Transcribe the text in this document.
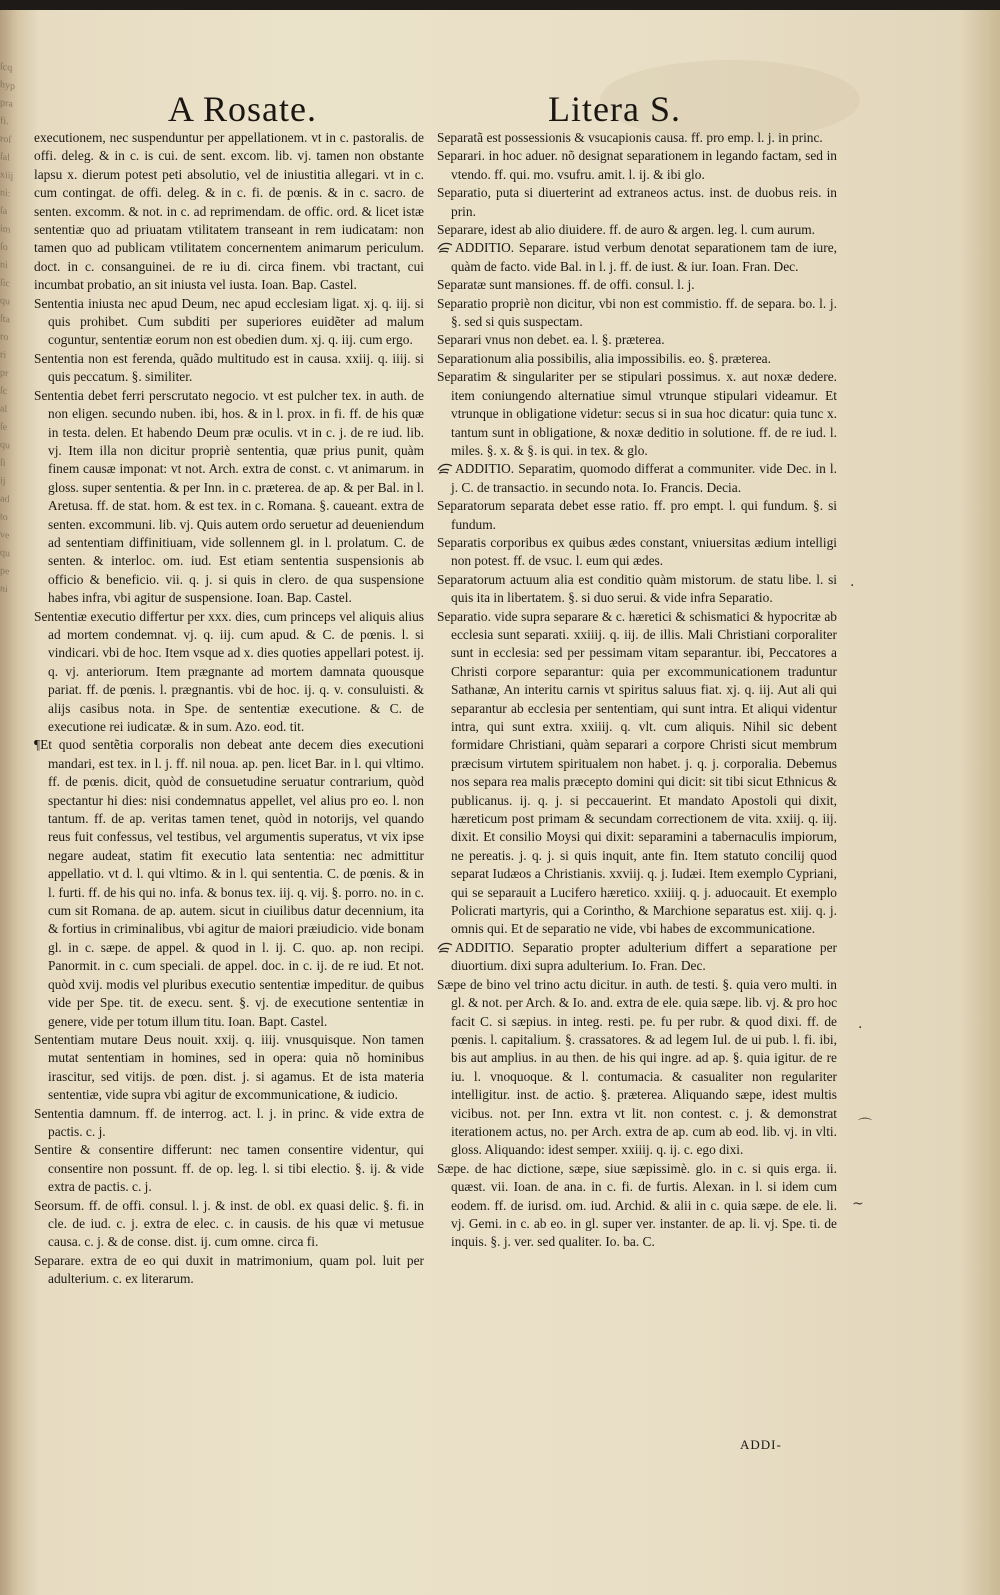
ſcq
hyp
pra
fi.
roſ
ſal
xiij
ni:
ſa
im
ſo
ni
ſic
qu
ſta
ro
ri
pr
ſc
al
ſe
qu
ſi
ij
ad
to
ve
qu
pe
ni
A Rosate.	Litera S.

executionem, nec suspenduntur per appellationem. vt in c. pastoralis. de offi. deleg. & in c. is cui. de sent. excom. lib. vj. tamen non obstante lapsu x. dierum potest peti absolutio, vel de iniustitia allegari. vt in c. cum contingat. de offi. deleg. & in c. fi. de pœnis. & in c. sacro. de senten. excomm. & not. in c. ad reprimendam. de offic. ord. & licet istæ sententiæ quo ad priuatam vtilitatem transeant in rem iudicatam: non tamen quo ad publicam vtilitatem concernentem animarum periculum. doct. in c. consanguinei. de re iu di. circa finem. vbi tractant, cui incumbat probatio, an sit iniusta vel iusta. Ioan. Bap. Castel.

Sententia iniusta nec apud Deum, nec apud ecclesiam ligat. xj. q. iij. si quis prohibet. Cum subditi per superiores euidẽter ad malum coguntur, sententiæ eorum non est obedien dum. xj. q. iij. cum ergo.

Sententia non est ferenda, quãdo multitudo est in causa. xxiij. q. iiij. si quis peccatum. §. similiter.

Sententia debet ferri perscrutato negocio. vt est pulcher tex. in auth. de non eligen. secundo nuben. ibi, hos. & in l. prox. in fi. ff. de his quæ in testa. delen. Et habendo Deum præ oculis. vt in c. j. de re iud. lib. vj. Item illa non dicitur propriè sententia, quæ prius punit, quàm finem causæ imponat: vt not. Arch. extra de const. c. vt animarum. in gloss. super sententia. & per Inn. in c. præterea. de ap. & per Bal. in l. Aretusa. ff. de stat. hom. & est tex. in c. Romana. §. caueant. extra de senten. excommuni. lib. vj. Quis autem ordo seruetur ad deueniendum ad sententiam diffinitiuam, vide sollennem gl. in l. prolatum. C. de senten. & interloc. om. iud. Est etiam sententia suspensionis ab officio & beneficio. vii. q. j. si quis in clero. de qua suspensione habes infra, vbi agitur de suspensione. Ioan. Bap. Castel.

Sententiæ executio differtur per xxx. dies, cum princeps vel aliquis alius ad mortem condemnat. vj. q. iij. cum apud. & C. de pœnis. l. si vindicari. vbi de hoc. Item vsque ad x. dies quoties appellari potest. ij. q. vj. anteriorum. Item prægnante ad mortem damnata quousque pariat. ff. de pœnis. l. prægnantis. vbi de hoc. ij. q. v. consuluisti. & alijs casibus nota. in Spe. de sententiæ executione. & C. de executione rei iudicatæ. & in sum. Azo. eod. tit.

¶Et quod sentẽtia corporalis non debeat ante decem dies executioni mandari, est tex. in l. j. ff. nil noua. ap. pen. licet Bar. in l. qui vltimo. ff. de pœnis. dicit, quòd de consuetudine seruatur contrarium, quòd spectantur hi dies: nisi condemnatus appellet, vel alius pro eo. l. non tantum. ff. de ap. veritas tamen tenet, quòd in notorijs, vel quando reus fuit confessus, vel testibus, vel argumentis superatus, vt vix ipse negare audeat, statim fit executio lata sententia: nec admittitur appellatio. vt d. l. qui vltimo. & in l. qui sententia. C. de pœnis. & in l. furti. ff. de his qui no. infa. & bonus tex. iij. q. vij. §. porro. no. in c. cum sit Romana. de ap. autem. sicut in ciuilibus datur decennium, ita & fortius in criminalibus, vbi agitur de maiori præiudicio. vide bonam gl. in c. sæpe. de appel. & quod in l. ij. C. quo. ap. non recipi. Panormit. in c. cum speciali. de appel. doc. in c. ij. de re iud. Et not. quòd xvij. modis vel pluribus executio sententiæ impeditur. de quibus vide per Spe. tit. de execu. sent. §. vj. de executione sententiæ in genere, vide per totum illum titu. Ioan. Bapt. Castel.

Sententiam mutare Deus nouit. xxij. q. iiij. vnusquisque. Non tamen mutat sententiam in homines, sed in opera: quia nõ hominibus irascitur, sed vitijs. de pœn. dist. j. si agamus. Et de ista materia sententiæ, vide supra vbi agitur de excommunicatione, & iudicio.

Sententia damnum. ff. de interrog. act. l. j. in princ. & vide extra de pactis. c. j.

Sentire & consentire differunt: nec tamen consentire videntur, qui consentire non possunt. ff. de op. leg. l. si tibi electio. §. ij. & vide extra de pactis. c. j.

Seorsum. ff. de offi. consul. l. j. & inst. de obl. ex quasi delic. §. fi. in cle. de iud. c. j. extra de elec. c. in causis. de his quæ vi metusue causa. c. j. & de conse. dist. ij. cum omne. circa fi.

Separare. extra de eo qui duxit in matrimonium, quam pol. luit per adulterium. c. ex literarum.

Separatã est possessionis & vsucapionis causa. ff. pro emp. l. j. in princ.

Separari. in hoc aduer. nõ designat separationem in legando factam, sed in vtendo. ff. qui. mo. vsufru. amit. l. ij. & ibi glo.

Separatio, puta si diuerterint ad extraneos actus. inst. de duobus reis. in prin.

Separare, idest ab alio diuidere. ff. de auro & argen. leg. l. cum aurum.

ADDITIO. Separare. istud verbum denotat separationem tam de iure, quàm de facto. vide Bal. in l. j. ff. de iust. & iur. Ioan. Fran. Dec.

Separatæ sunt mansiones. ff. de offi. consul. l. j.

Separatio propriè non dicitur, vbi non est commistio. ff. de separa. bo. l. j. §. sed si quis suspectam.

Separari vnus non debet. ea. l. §. præterea.

Separationum alia possibilis, alia impossibilis. eo. §. præterea.

Separatim & singulariter per se stipulari possimus. x. aut noxæ dedere. item coniungendo alternatiue simul vtrunque stipulari videamur. Et vtrunque in obligatione videtur: secus si in sua hoc dicatur: quia tunc x. tantum sunt in obligatione, & noxæ deditio in solutione. ff. de re iud. l. miles. §. x. & §. is qui. in tex. & glo.

ADDITIO. Separatim, quomodo differat a communiter. vide Dec. in l. j. C. de transactio. in secundo nota. Io. Francis. Decia.

Separatorum separata debet esse ratio. ff. pro empt. l. qui fundum. §. si fundum.

Separatis corporibus ex quibus ædes constant, vniuersitas ædium intelligi non potest. ff. de vsuc. l. eum qui ædes.

Separatorum actuum alia est conditio quàm mistorum. de statu libe. l. si quis ita in libertatem. §. si duo serui. & vide infra Separatio.

Separatio. vide supra separare & c. hæretici & schismatici & hypocritæ ab ecclesia sunt separati. xxiiij. q. iij. de illis. Mali Christiani corporaliter sunt in ecclesia: sed per pessimam vitam separantur. ibi, Peccatores a Christi corpore separantur: quia per excommunicationem traduntur Sathanæ, An interitu carnis vt spiritus saluus fiat. xj. q. iij. Aut ali qui separantur ab ecclesia per sententiam, qui sunt intra. Et aliqui videntur intra, qui sunt extra. xxiiij. q. vlt. cum aliquis. Nihil sic debent formidare Christiani, quàm separari a corpore Christi sicut membrum præcisum virtutem spiritualem non habet. j. q. j. corporalia. Debemus nos separa rea malis præcepto domini qui dicit: sit tibi sicut Ethnicus & publicanus. ij. q. j. si peccauerint. Et mandato Apostoli qui dixit, hæreticum post primam & secundam correctionem de vita. xxiij. q. iij. dixit. Et consilio Moysi qui dixit: separamini a tabernaculis impiorum, ne pereatis. j. q. j. si quis inquit, ante fin. Item statuto concilij quod separat Iudæos a Christianis. xxviij. q. j. Iudæi. Item exemplo Cypriani, qui se separauit a Lucifero hæretico. xxiiij. q. j. aduocauit. Et exemplo Policrati martyris, qui a Corintho, & Marchione separatus est. xiij. q. j. omnis qui. Et de separatio ne vide, vbi habes de excommunicatione.

ADDITIO. Separatio propter adulterium differt a separatione per diuortium. dixi supra adulterium. Io. Fran. Dec.

Sæpe de bino vel trino actu dicitur. in auth. de testi. §. quia vero multi. in gl. & not. per Arch. & Io. and. extra de ele. quia sæpe. lib. vj. & pro hoc facit C. si sæpius. in integ. resti. pe. fu per rubr. & quod dixi. ff. de pœnis. l. capitalium. §. crassatores. & ad legem Iul. de ui pub. l. fi. ibi, bis aut amplius. in au then. de his qui ingre. ad ap. §. quia igitur. de re iu. l. vnoquoque. & l. contumacia. & casualiter non regulariter intelligitur. inst. de actio. §. præterea. Aliquando sæpe, idest multis vicibus. not. per Inn. extra vt lit. non contest. c. j. & demonstrat iterationem actus, no. per Arch. extra de ap. cum ab eod. lib. vj. in vlti. gloss. Aliquando: idest semper. xxiiij. q. ij. c. ego dixi.

Sæpe. de hac dictione, sæpe, siue sæpissimè. glo. in c. si quis erga. ii. quæst. vii. Ioan. de ana. in c. fi. de furtis. Alexan. in l. si idem cum eodem. ff. de iurisd. om. iud. Archid. & alii in c. quia sæpe. de ele. li. vj. Gemi. in c. ab eo. in gl. super ver. instanter. de ap. li. vj. Spe. ti. de inquis. §. j. ver. sed qualiter. Io. ba. C.

ADDI-
·
·
~
⌒
